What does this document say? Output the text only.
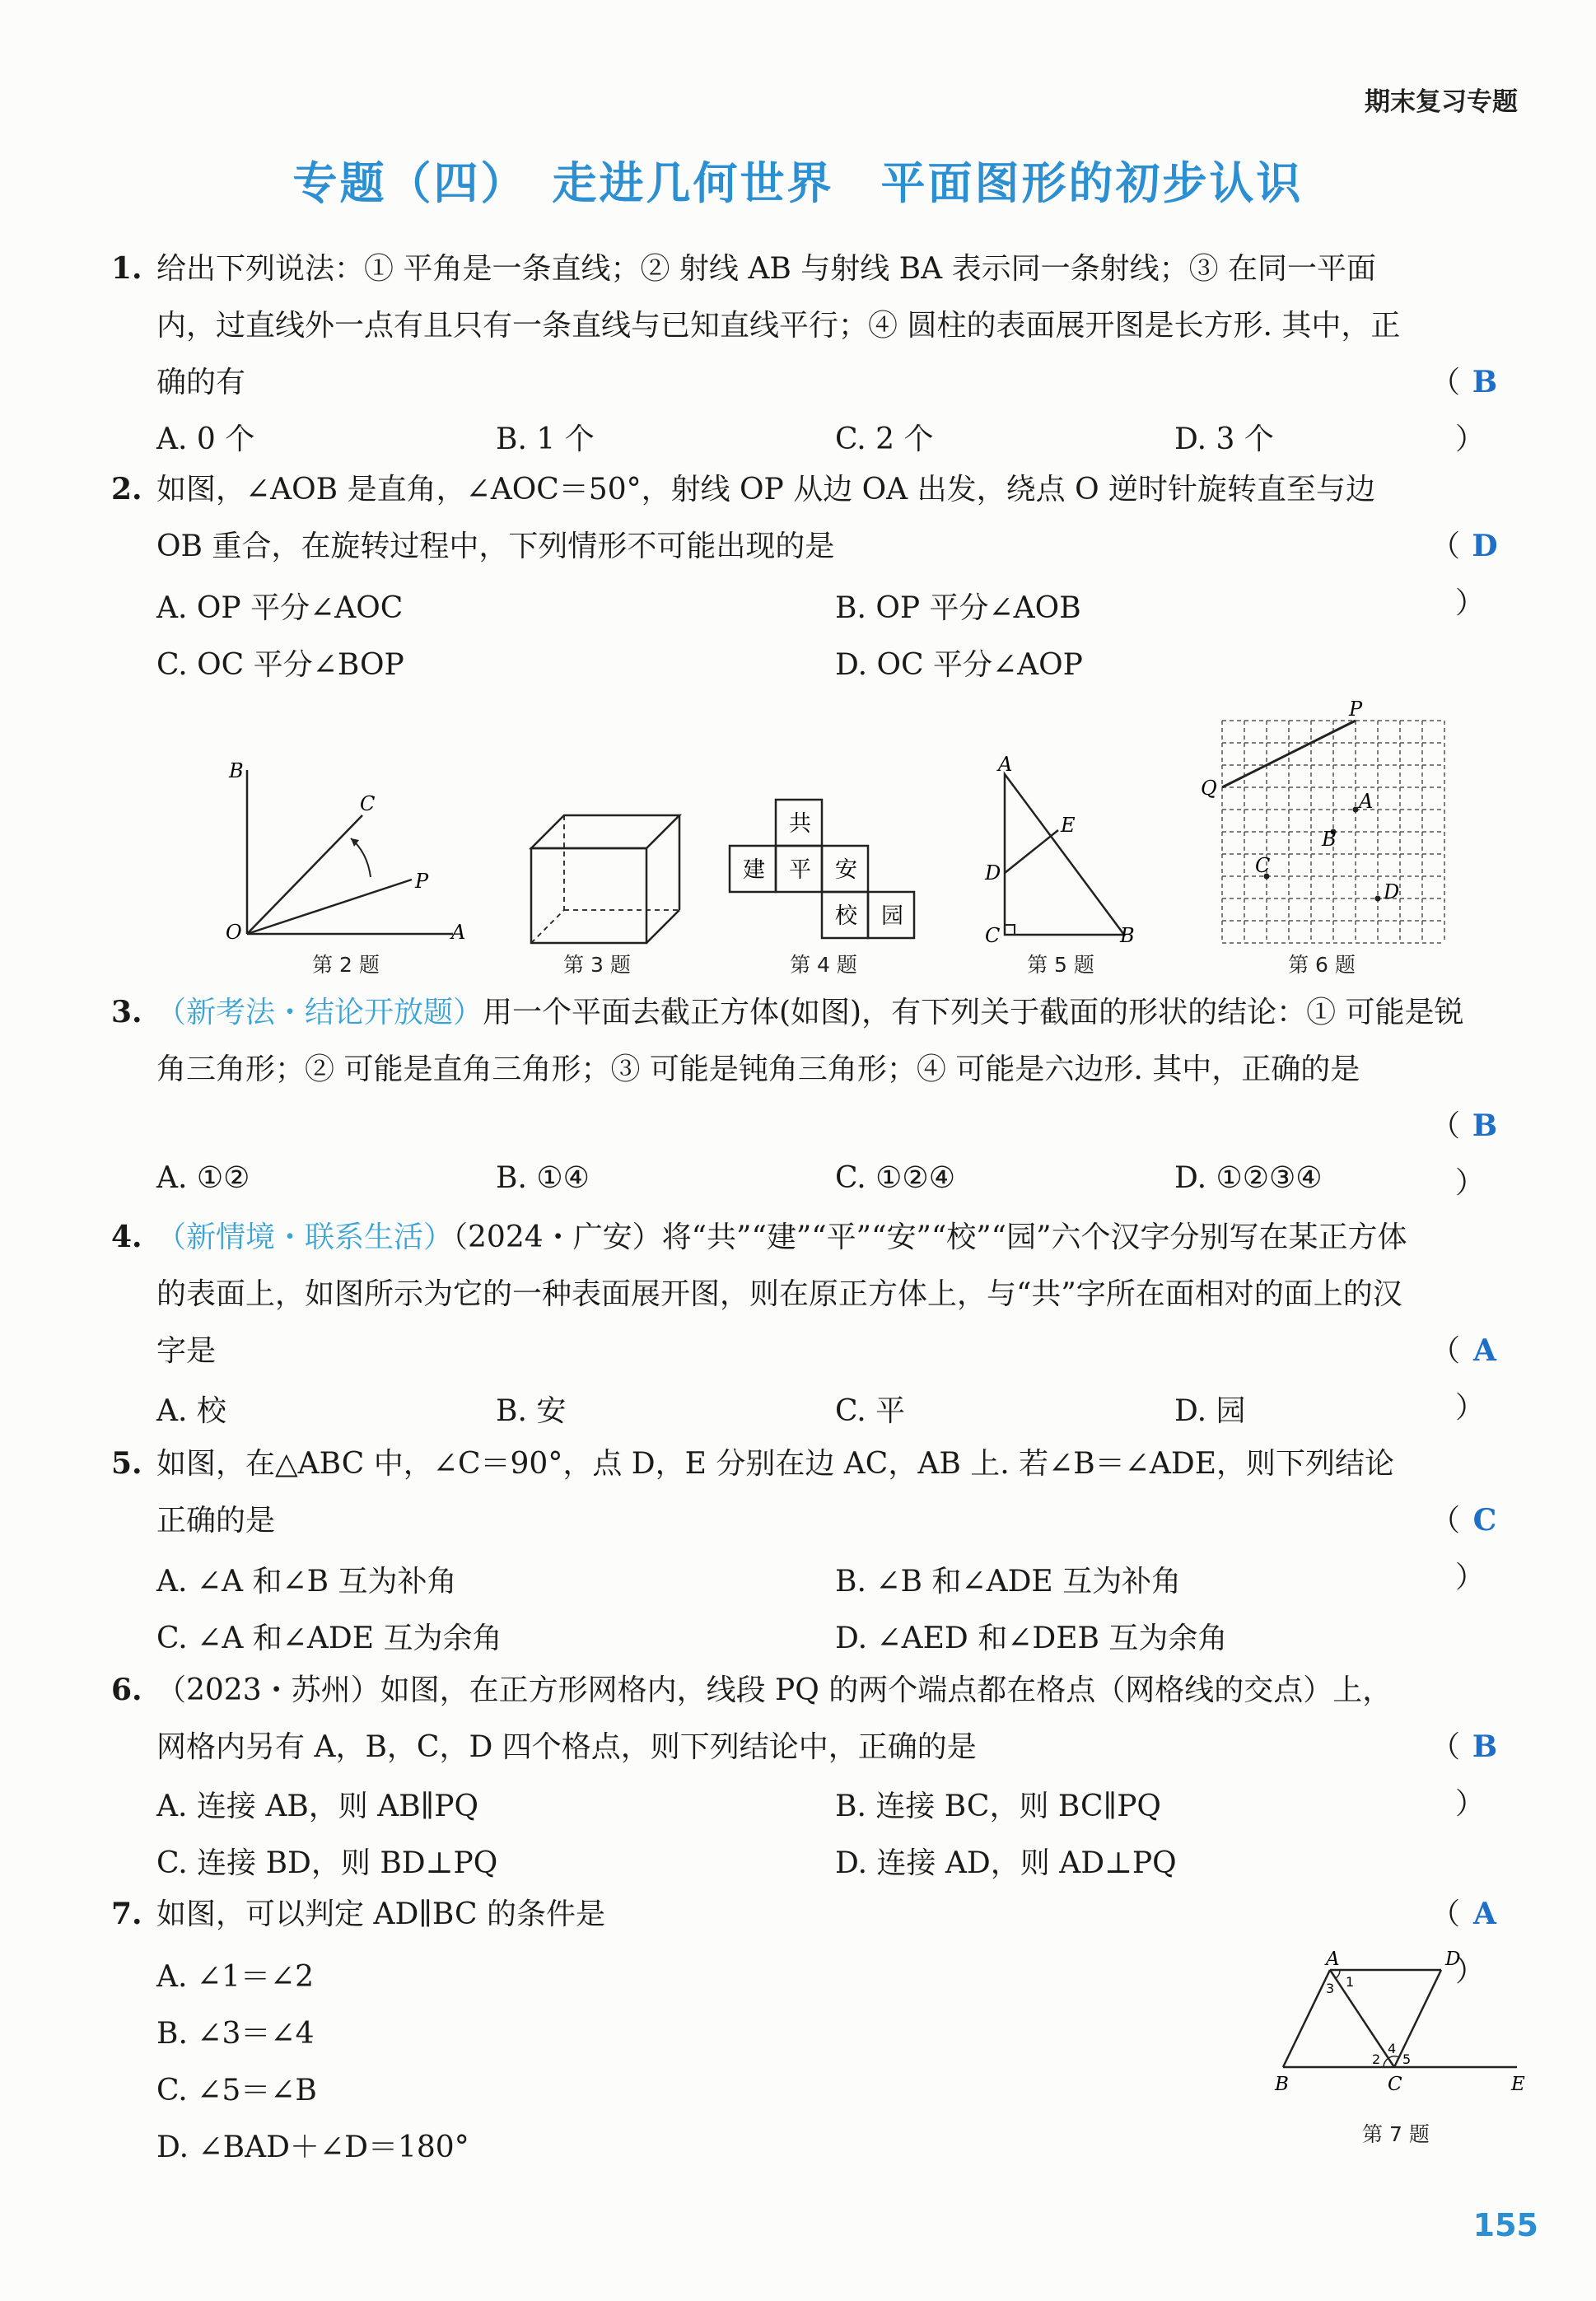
期末复习专题
专题（四）　走进几何世界　平面图形的初步认识
1. 给出下列说法：① 平角是一条直线；② 射线 AB 与射线 BA 表示同一条射线；③ 在同一平面内，过直线外一点有且只有一条直线与已知直线平行；④ 圆柱的表面展开图是长方形. 其中，正确的有	（ B）
A. 0 个	B. 1 个	C. 2 个	D. 3 个
2. 如图，∠AOB 是直角，∠AOC＝50°，射线 OP 从边 OA 出发，绕点 O 逆时针旋转直至与边 OB 重合，在旋转过程中，下列情形不可能出现的是	（ D）
A. OP 平分∠AOC	B. OP 平分∠AOB
C. OC 平分∠BOP	D. OC 平分∠AOP
B
C
P
O	A
第 2 题	第 3 题
共
建 平 安
校 园
第 4 题
A
E
D
C	B
第 5 题
P
Q
A
B
C
D
第 6 题
3. （新考法・结论开放题）用一个平面去截正方体(如图)，有下列关于截面的形状的结论：① 可能是锐角三角形；② 可能是直角三角形；③ 可能是钝角三角形；④ 可能是六边形. 其中，正确的是
（ B）
A. ①②	B. ①④	C. ①②④	D. ①②③④
4. （新情境・联系生活）（2024・广安）将“共”“建”“平”“安”“校”“园”六个汉字分别写在某正方体的表面上，如图所示为它的一种表面展开图，则在原正方体上，与“共”字所在面相对的面上的汉字是	（ A）
A. 校	B. 安	C. 平	D. 园
5. 如图，在△ABC 中，∠C＝90°，点 D，E 分别在边 AC，AB 上. 若∠B＝∠ADE，则下列结论正确的是	（ C）
A. ∠A 和∠B 互为补角	B. ∠B 和∠ADE 互为补角
C. ∠A 和∠ADE 互为余角	D. ∠AED 和∠DEB 互为余角
6. （2023・苏州）如图，在正方形网格内，线段 PQ 的两个端点都在格点（网格线的交点）上，网格内另有 A，B，C，D 四个格点，则下列结论中，正确的是	（ B）
A. 连接 AB，则 AB∥PQ	B. 连接 BC，则 BC∥PQ
C. 连接 BD，则 BD⊥PQ	D. 连接 AD，则 AD⊥PQ
7. 如图，可以判定 AD∥BC 的条件是	（ A）
A. ∠1＝∠2
B. ∠3＝∠4
C. ∠5＝∠B
D. ∠BAD＋∠D＝180°
A	D
B	C	E
1
2
3
4
5
第 7 题
155
